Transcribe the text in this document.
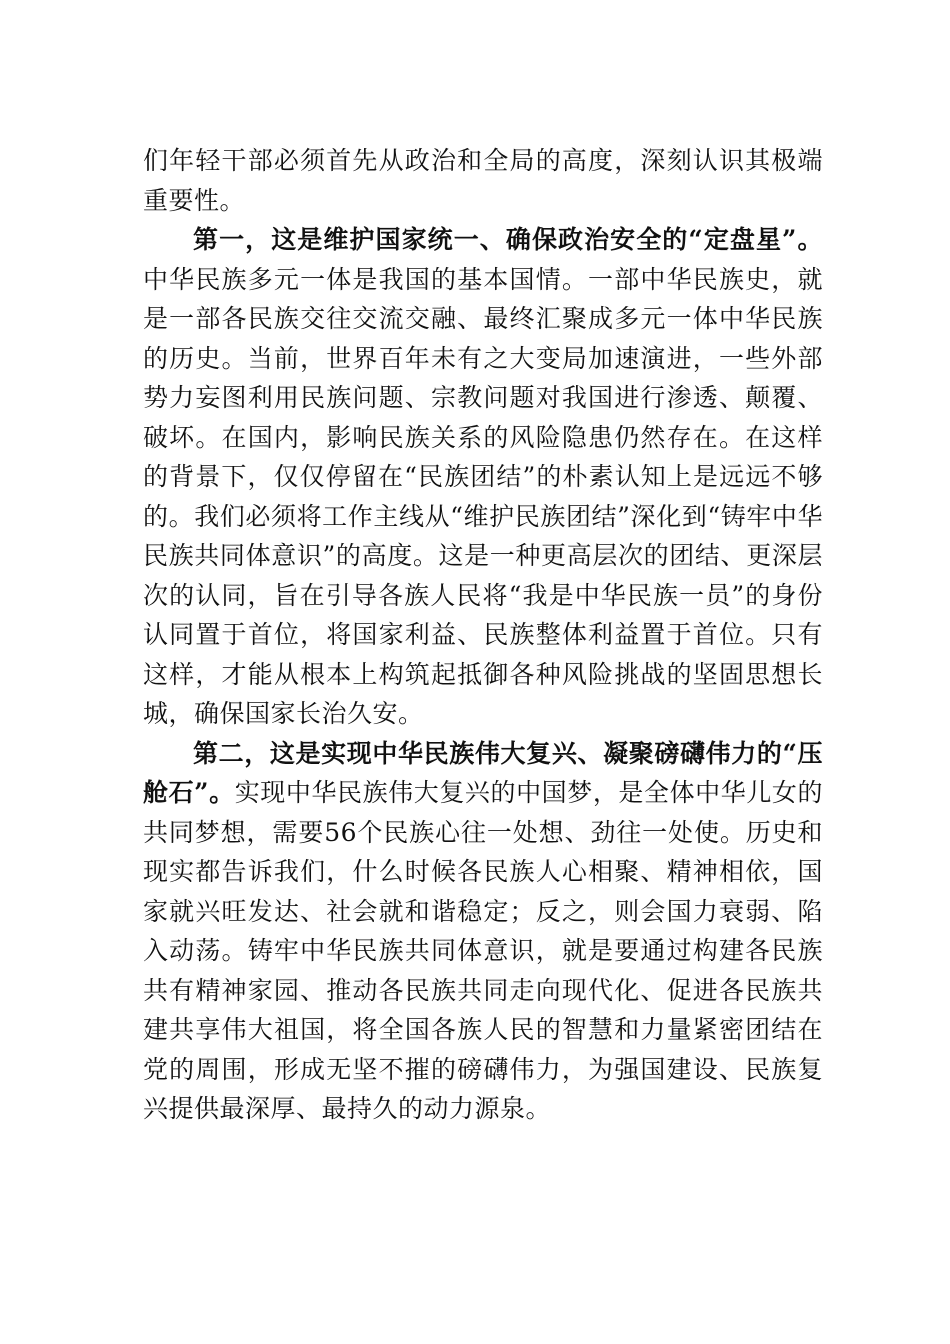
们年轻干部必须首先从政治和全局的高度，深刻认识其极端重要性。

第一，这是维护国家统一、确保政治安全的“定盘星”。中华民族多元一体是我国的基本国情。一部中华民族史，就是一部各民族交往交流交融、最终汇聚成多元一体中华民族的历史。当前，世界百年未有之大变局加速演进，一些外部势力妄图利用民族问题、宗教问题对我国进行渗透、颠覆、破坏。在国内，影响民族关系的风险隐患仍然存在。在这样的背景下，仅仅停留在“民族团结”的朴素认知上是远远不够的。我们必须将工作主线从“维护民族团结”深化到“铸牢中华民族共同体意识”的高度。这是一种更高层次的团结、更深层次的认同，旨在引导各族人民将“我是中华民族一员”的身份认同置于首位，将国家利益、民族整体利益置于首位。只有这样，才能从根本上构筑起抵御各种风险挑战的坚固思想长城，确保国家长治久安。

第二，这是实现中华民族伟大复兴、凝聚磅礴伟力的“压舱石”。实现中华民族伟大复兴的中国梦，是全体中华儿女的共同梦想，需要56个民族心往一处想、劲往一处使。历史和现实都告诉我们，什么时候各民族人心相聚、精神相依，国家就兴旺发达、社会就和谐稳定；反之，则会国力衰弱、陷入动荡。铸牢中华民族共同体意识，就是要通过构建各民族共有精神家园、推动各民族共同走向现代化、促进各民族共建共享伟大祖国，将全国各族人民的智慧和力量紧密团结在党的周围，形成无坚不摧的磅礴伟力，为强国建设、民族复兴提供最深厚、最持久的动力源泉。
